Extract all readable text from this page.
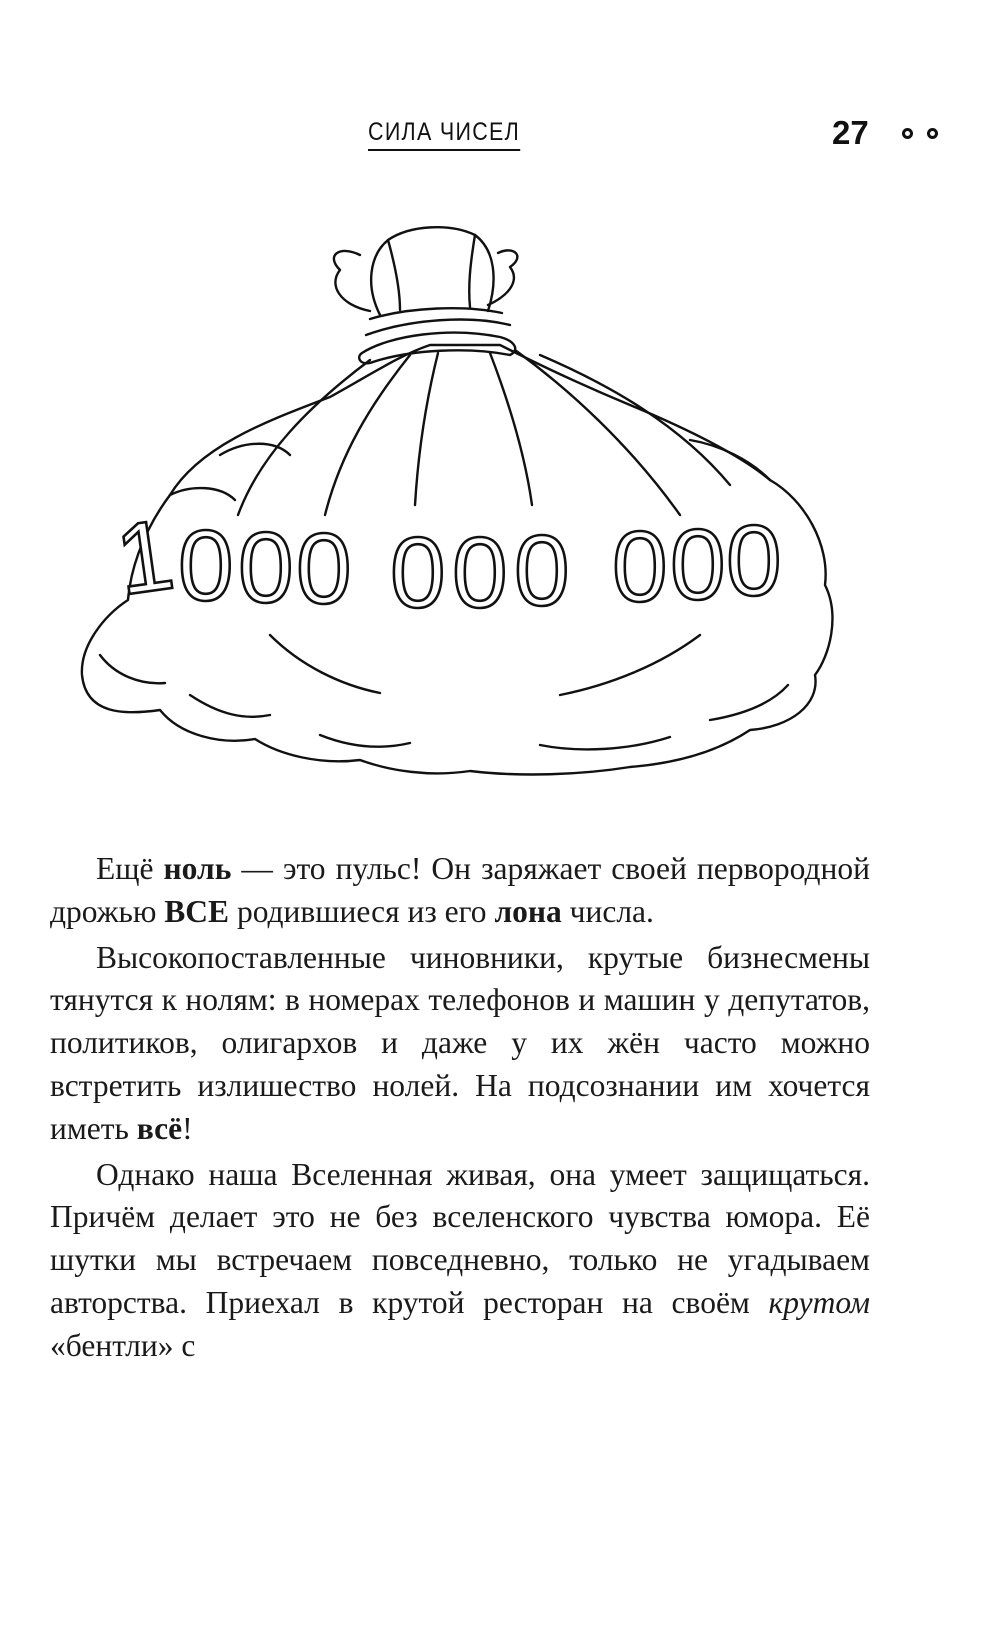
СИЛА ЧИСЕЛ	27
1
0 0 0 0 0 0 0 0 0

Ещё ноль — это пульс! Он заряжает своей первородной дрожью ВСЕ родившиеся из его лона числа.

Высокопоставленные чиновники, крутые бизнесмены тянутся к нолям: в номерах телефонов и машин у депутатов, политиков, олигархов и даже у их жён часто можно встретить излишество нолей. На подсознании им хочется иметь всё!

Однако наша Вселенная живая, она умеет защищаться. Причём делает это не без вселенского чувства юмора. Её шутки мы встречаем повседневно, только не угадываем авторства. Приехал в крутой ресторан на своём крутом «бентли» с
